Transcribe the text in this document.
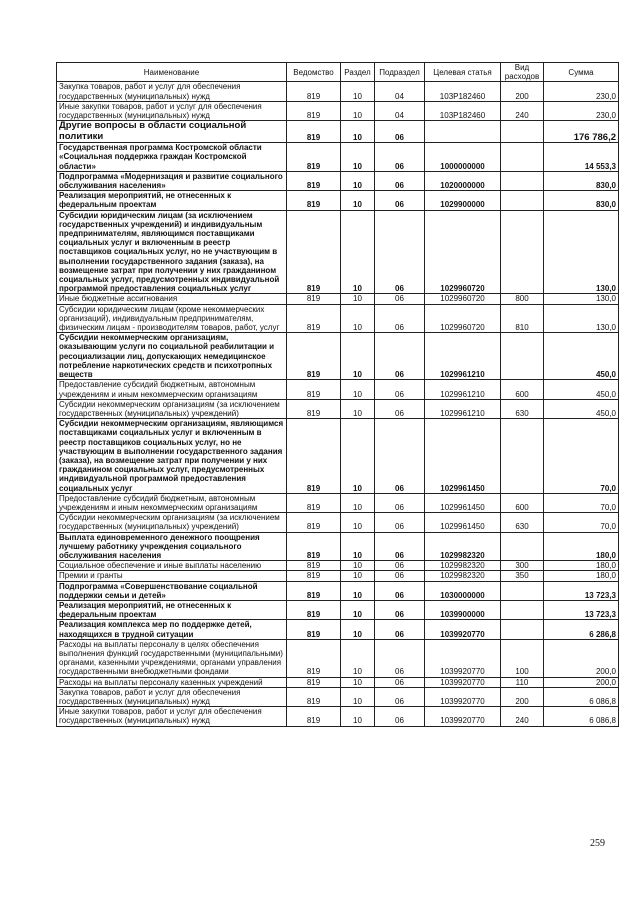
Наименование	Ведомство	Раздел	Подраздел	Целевая статья	Вид расходов	Сумма
Закупка товаров, работ и услуг для обеспечения государственных (муниципальных) нужд	819	10	04	103Р182460	200	230,0
Иные закупки товаров, работ и услуг для обеспечения государственных (муниципальных) нужд	819	10	04	103Р182460	240	230,0
Другие вопросы в области социальной политики	819	10	06			176 786,2
Государственная программа Костромской области «Социальная поддержка граждан Костромской области»	819	10	06	1000000000		14 553,3
Подпрограмма «Модернизация и развитие социального обслуживания населения»	819	10	06	1020000000		830,0
Реализация мероприятий, не отнесенных к федеральным проектам	819	10	06	1029900000		830,0
Субсидии юридическим лицам (за исключением государственных учреждений) и индивидуальным предпринимателям, являющимся поставщиками социальных услуг и включенным в реестр поставщиков социальных услуг, но не участвующим в выполнении государственного задания (заказа), на возмещение затрат при получении у них гражданином социальных услуг, предусмотренных индивидуальной программой предоставления социальных услуг	819	10	06	1029960720		130,0
Иные бюджетные ассигнования	819	10	06	1029960720	800	130,0
Субсидии юридическим лицам (кроме некоммерческих организаций), индивидуальным предпринимателям, физическим лицам - производителям товаров, работ, услуг	819	10	06	1029960720	810	130,0
Субсидии некоммерческим организациям, оказывающим услуги по социальной реабилитации и ресоциализации лиц, допускающих немедицинское потребление наркотических средств и психотропных веществ	819	10	06	1029961210		450,0
Предоставление субсидий бюджетным, автономным учреждениям и иным некоммерческим организациям	819	10	06	1029961210	600	450,0
Субсидии некоммерческим организациям (за исключением государственных (муниципальных) учреждений)	819	10	06	1029961210	630	450,0
Субсидии некоммерческим организациям, являющимся поставщиками социальных услуг и включенным в реестр поставщиков социальных услуг, но не участвующим в выполнении государственного задания (заказа), на возмещение затрат при получении у них гражданином социальных услуг, предусмотренных индивидуальной программой предоставления социальных услуг	819	10	06	1029961450		70,0
Предоставление субсидий бюджетным, автономным учреждениям и иным некоммерческим организациям	819	10	06	1029961450	600	70,0
Субсидии некоммерческим организациям (за исключением государственных (муниципальных) учреждений)	819	10	06	1029961450	630	70,0
Выплата единовременного денежного поощрения лучшему работнику учреждения социального обслуживания населения	819	10	06	1029982320		180,0
Социальное обеспечение и иные выплаты населению	819	10	06	1029982320	300	180,0
Премии и гранты	819	10	06	1029982320	350	180,0
Подпрограмма «Совершенствование социальной поддержки семьи и детей»	819	10	06	1030000000		13 723,3
Реализация мероприятий, не отнесенных к федеральным проектам	819	10	06	1039900000		13 723,3
Реализация комплекса мер по поддержке детей, находящихся в трудной ситуации	819	10	06	1039920770		6 286,8
Расходы на выплаты персоналу в целях обеспечения выполнения функций государственными (муниципальными) органами, казенными учреждениями, органами управления государственными внебюджетными фондами	819	10	06	1039920770	100	200,0
Расходы на выплаты персоналу казенных учреждений	819	10	06	1039920770	110	200,0
Закупка товаров, работ и услуг для обеспечения государственных (муниципальных) нужд	819	10	06	1039920770	200	6 086,8
Иные закупки товаров, работ и услуг для обеспечения государственных (муниципальных) нужд	819	10	06	1039920770	240	6 086,8
259
